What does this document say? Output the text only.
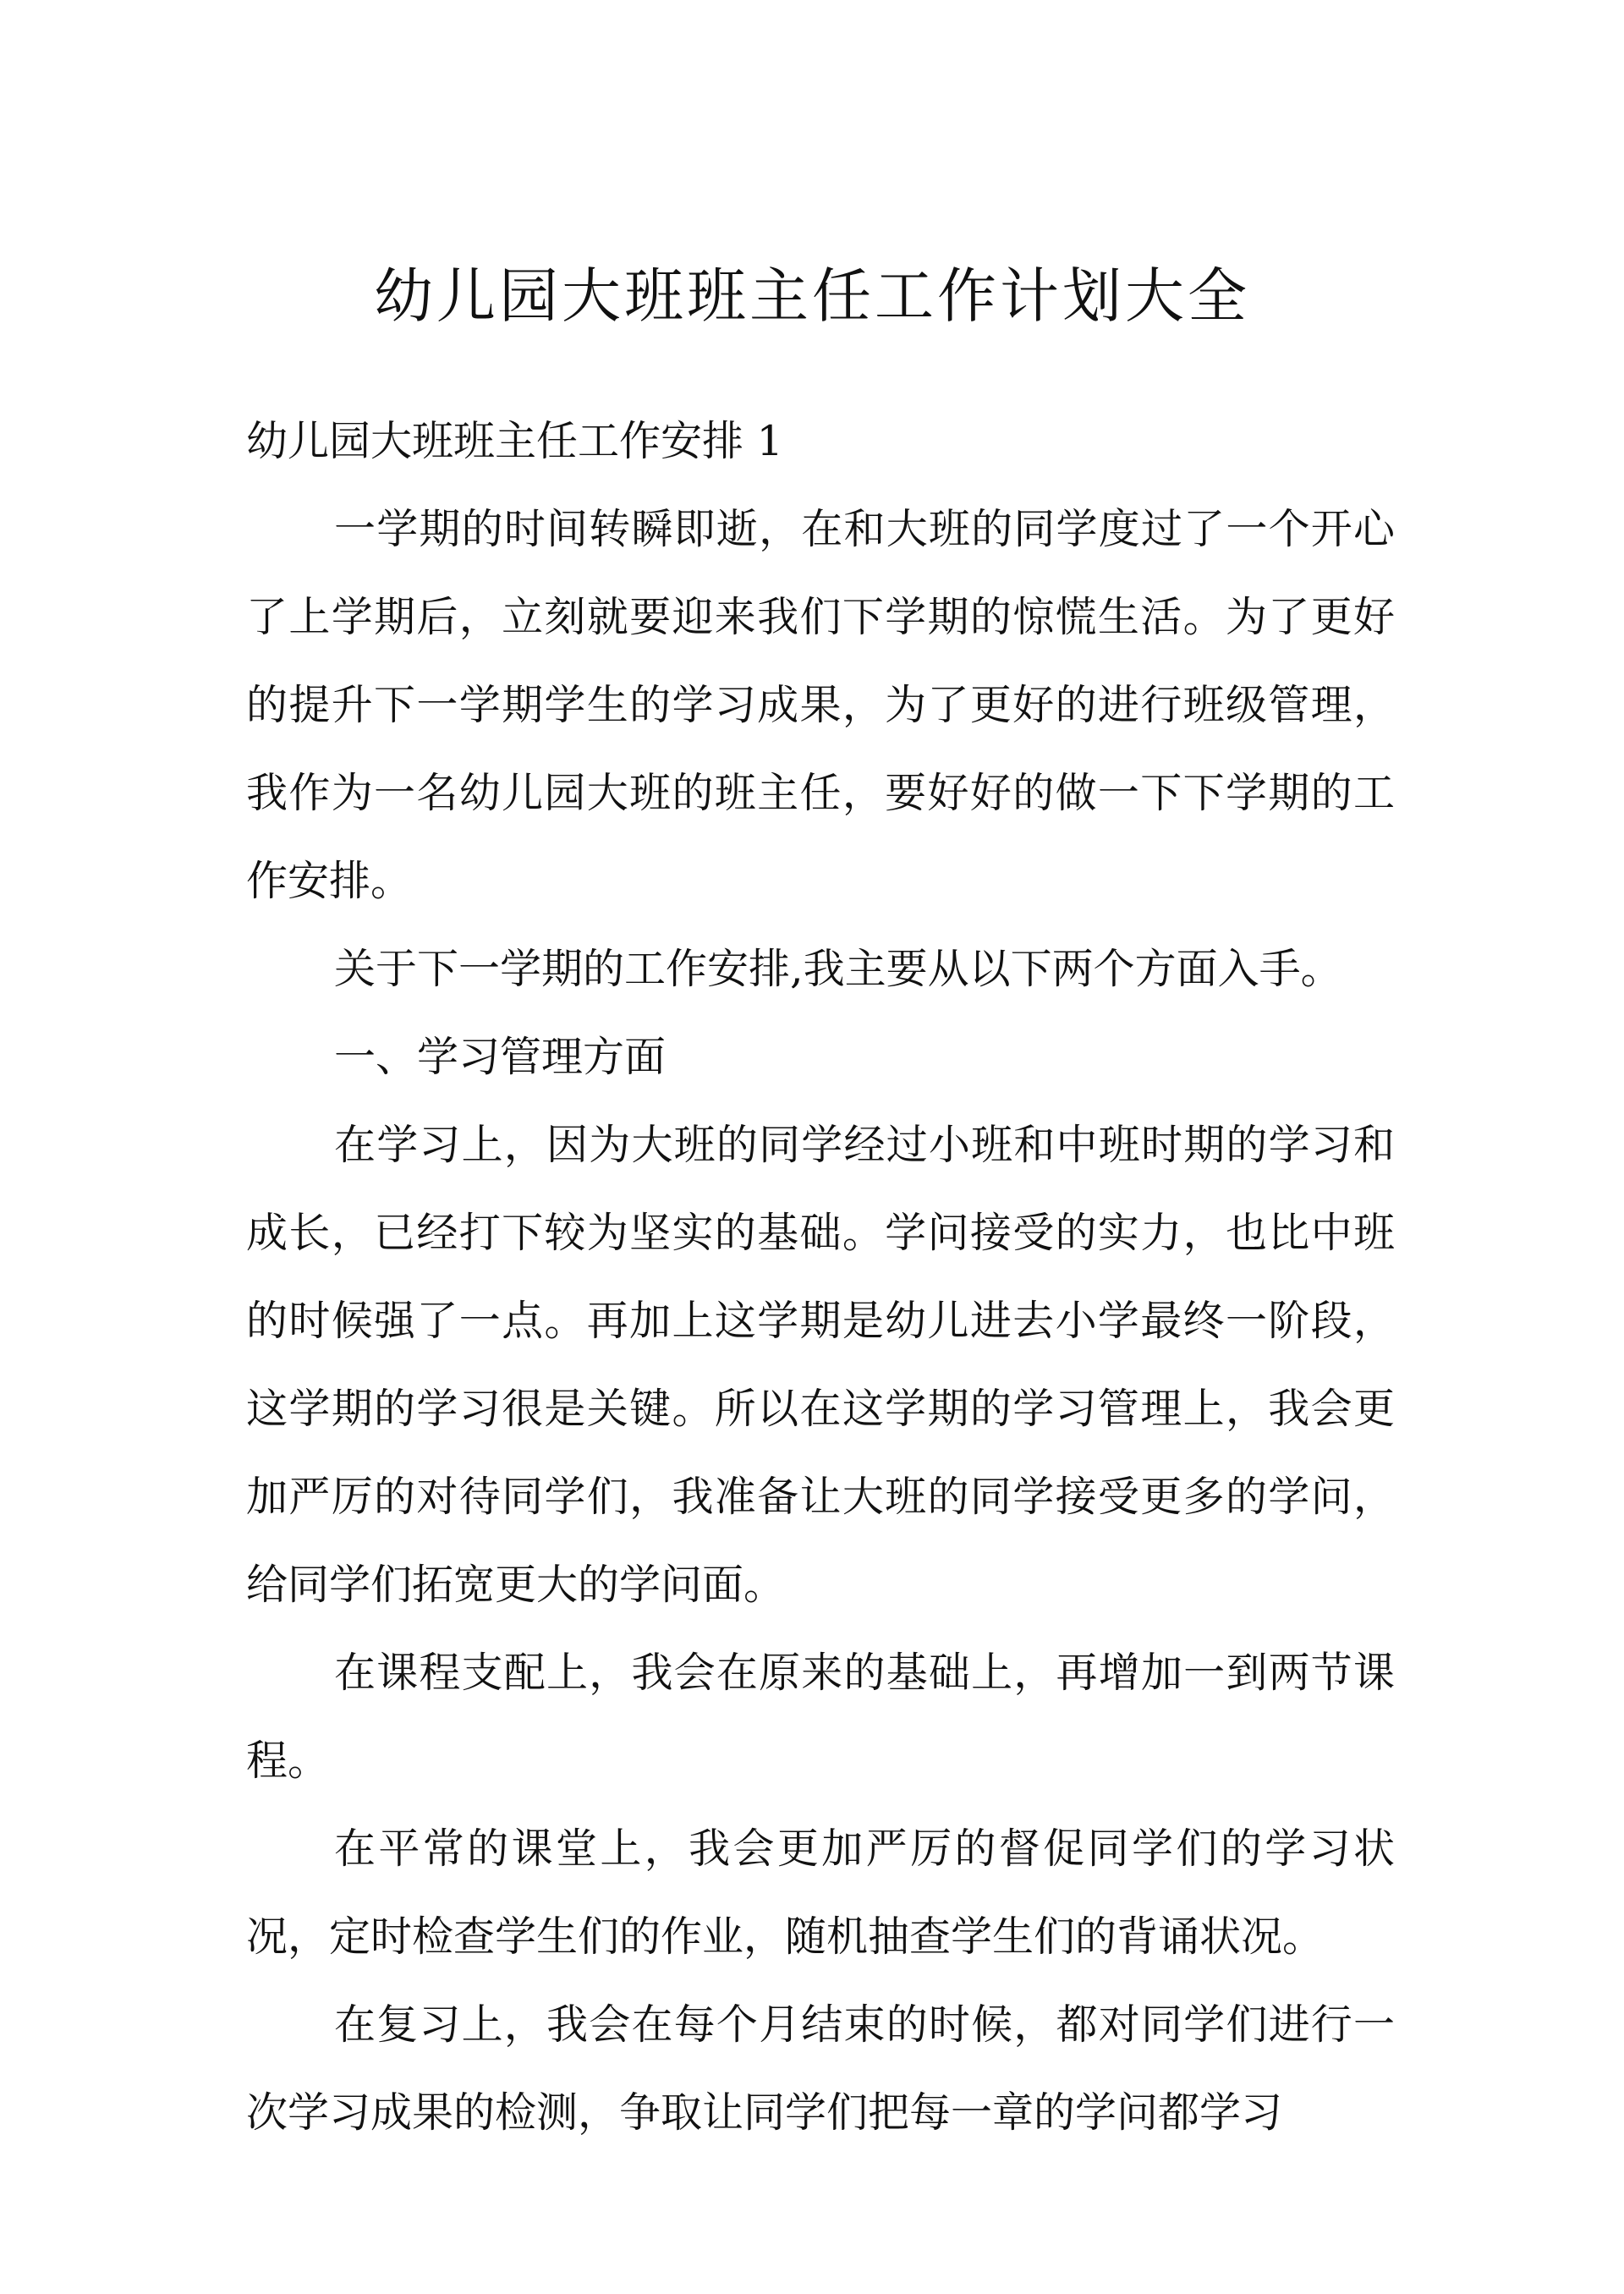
幼儿园大班班主任工作计划大全

幼儿园大班班主任工作安排 1

一学期的时间转瞬即逝，在和大班的同学度过了一个开心了上学期后，立刻就要迎来我们下学期的惊慌生活。为了更好的提升下一学期学生的学习成果，为了更好的进行班级管理，我作为一名幼儿园大班的班主任，要好好的做一下下学期的工作安排。

关于下一学期的工作安排,我主要从以下两个方面入手。

一、学习管理方面

在学习上，因为大班的同学经过小班和中班时期的学习和成长，已经打下较为坚实的基础。学问接受的实力，也比中班的时候强了一点。再加上这学期是幼儿进去小学最终一阶段，这学期的学习很是关键。所以在这学期的学习管理上，我会更加严厉的对待同学们，我准备让大班的同学接受更多的学问，给同学们拓宽更大的学问面。

在课程支配上，我会在原来的基础上，再增加一到两节课程。

在平常的课堂上，我会更加严厉的督促同学们的学习状况，定时检查学生们的作业，随机抽查学生们的背诵状况。

在复习上，我会在每个月结束的时候，都对同学们进行一次学习成果的检测，争取让同学们把每一章的学问都学习
